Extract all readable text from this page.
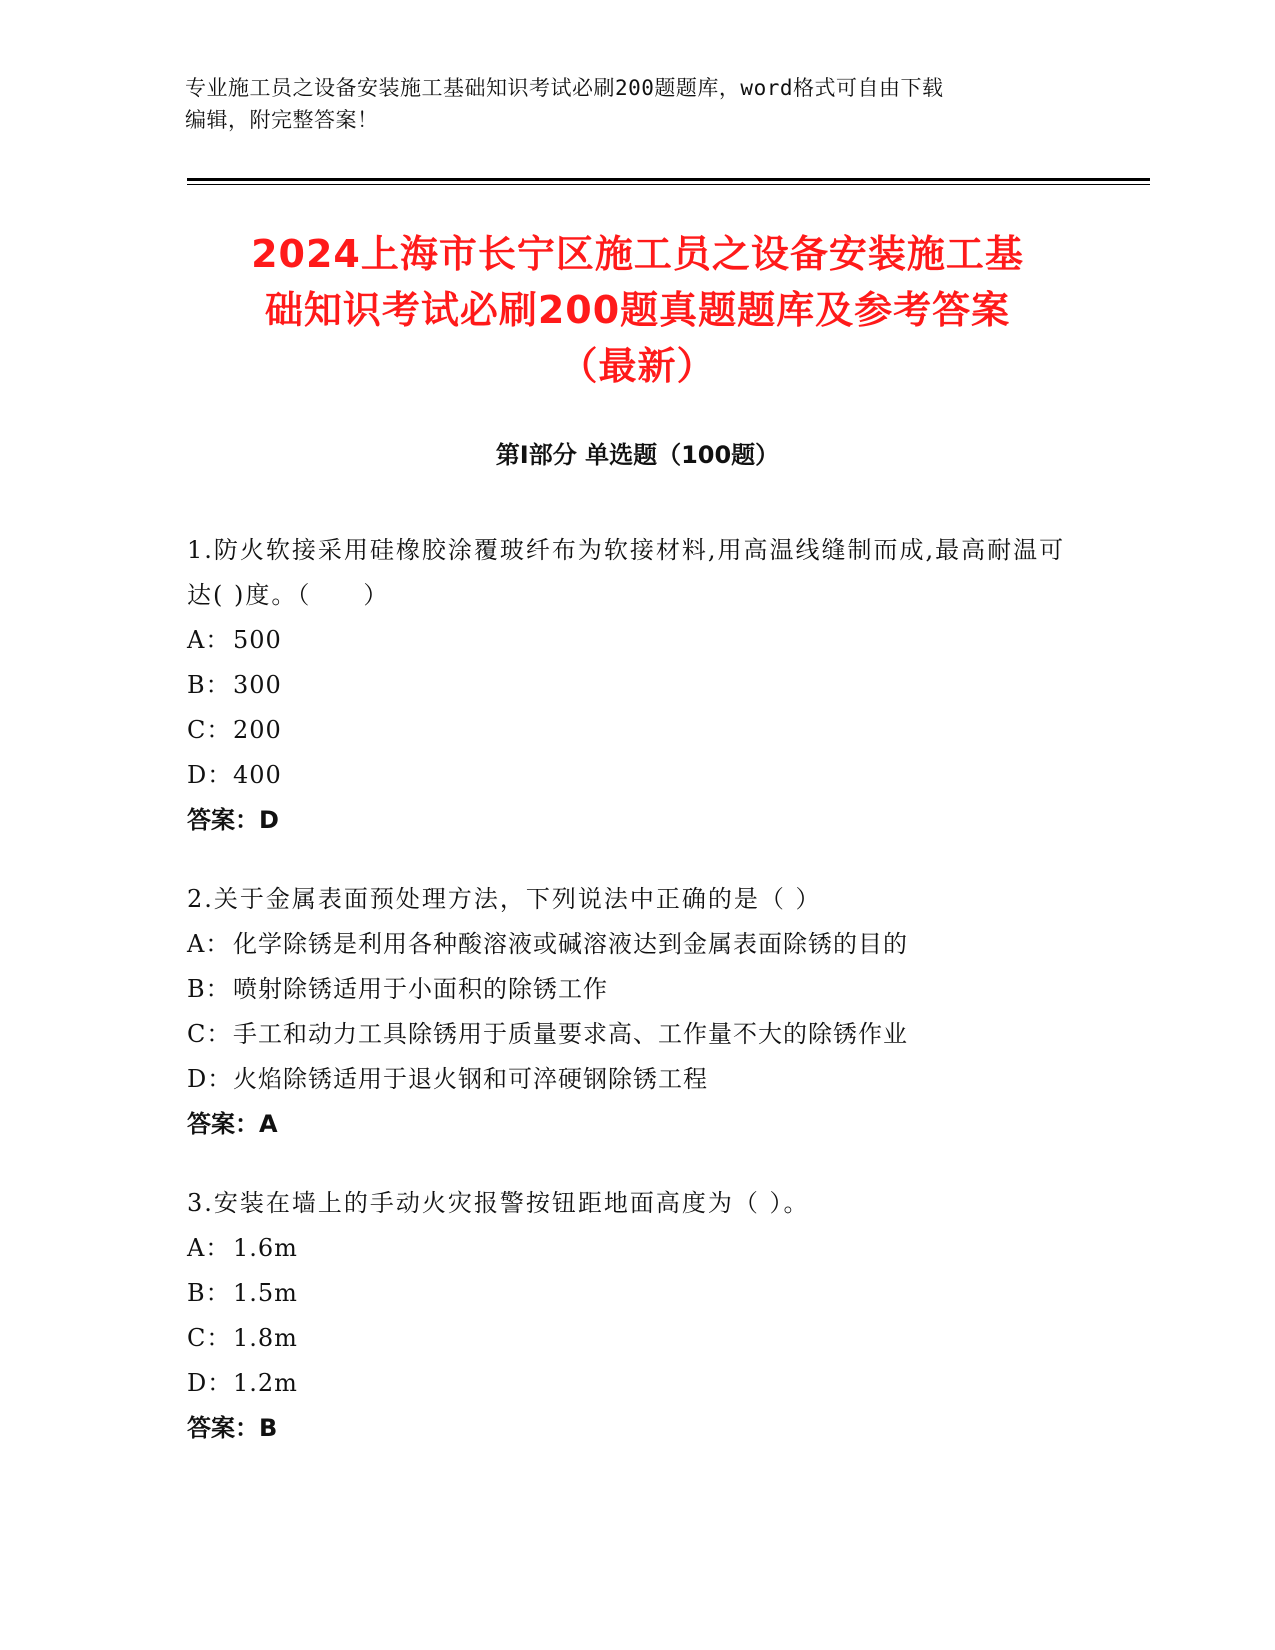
专业施工员之设备安装施工基础知识考试必刷200题题库，word格式可自由下载
编辑，附完整答案！
2024上海市长宁区施工员之设备安装施工基
础知识考试必刷200题真题题库及参考答案
（最新）
第Ⅰ部分 单选题（100题）
1.防火软接采用硅橡胶涂覆玻纤布为软接材料,用高温线缝制而成,最高耐温可达( )度。（　　）
A： 500
B：300
C：200
D：400
答案：D
2.关于金属表面预处理方法，下列说法中正确的是（ ）
A： 化学除锈是利用各种酸溶液或碱溶液达到金属表面除锈的目的
B：喷射除锈适用于小面积的除锈工作
C：手工和动力工具除锈用于质量要求高、工作量不大的除锈作业
D：火焰除锈适用于退火钢和可淬硬钢除锈工程
答案：A
3.安装在墙上的手动火灾报警按钮距地面高度为（ ）。
A： 1.6m
B：1.5m
C：1.8m
D：1.2m
答案：B
